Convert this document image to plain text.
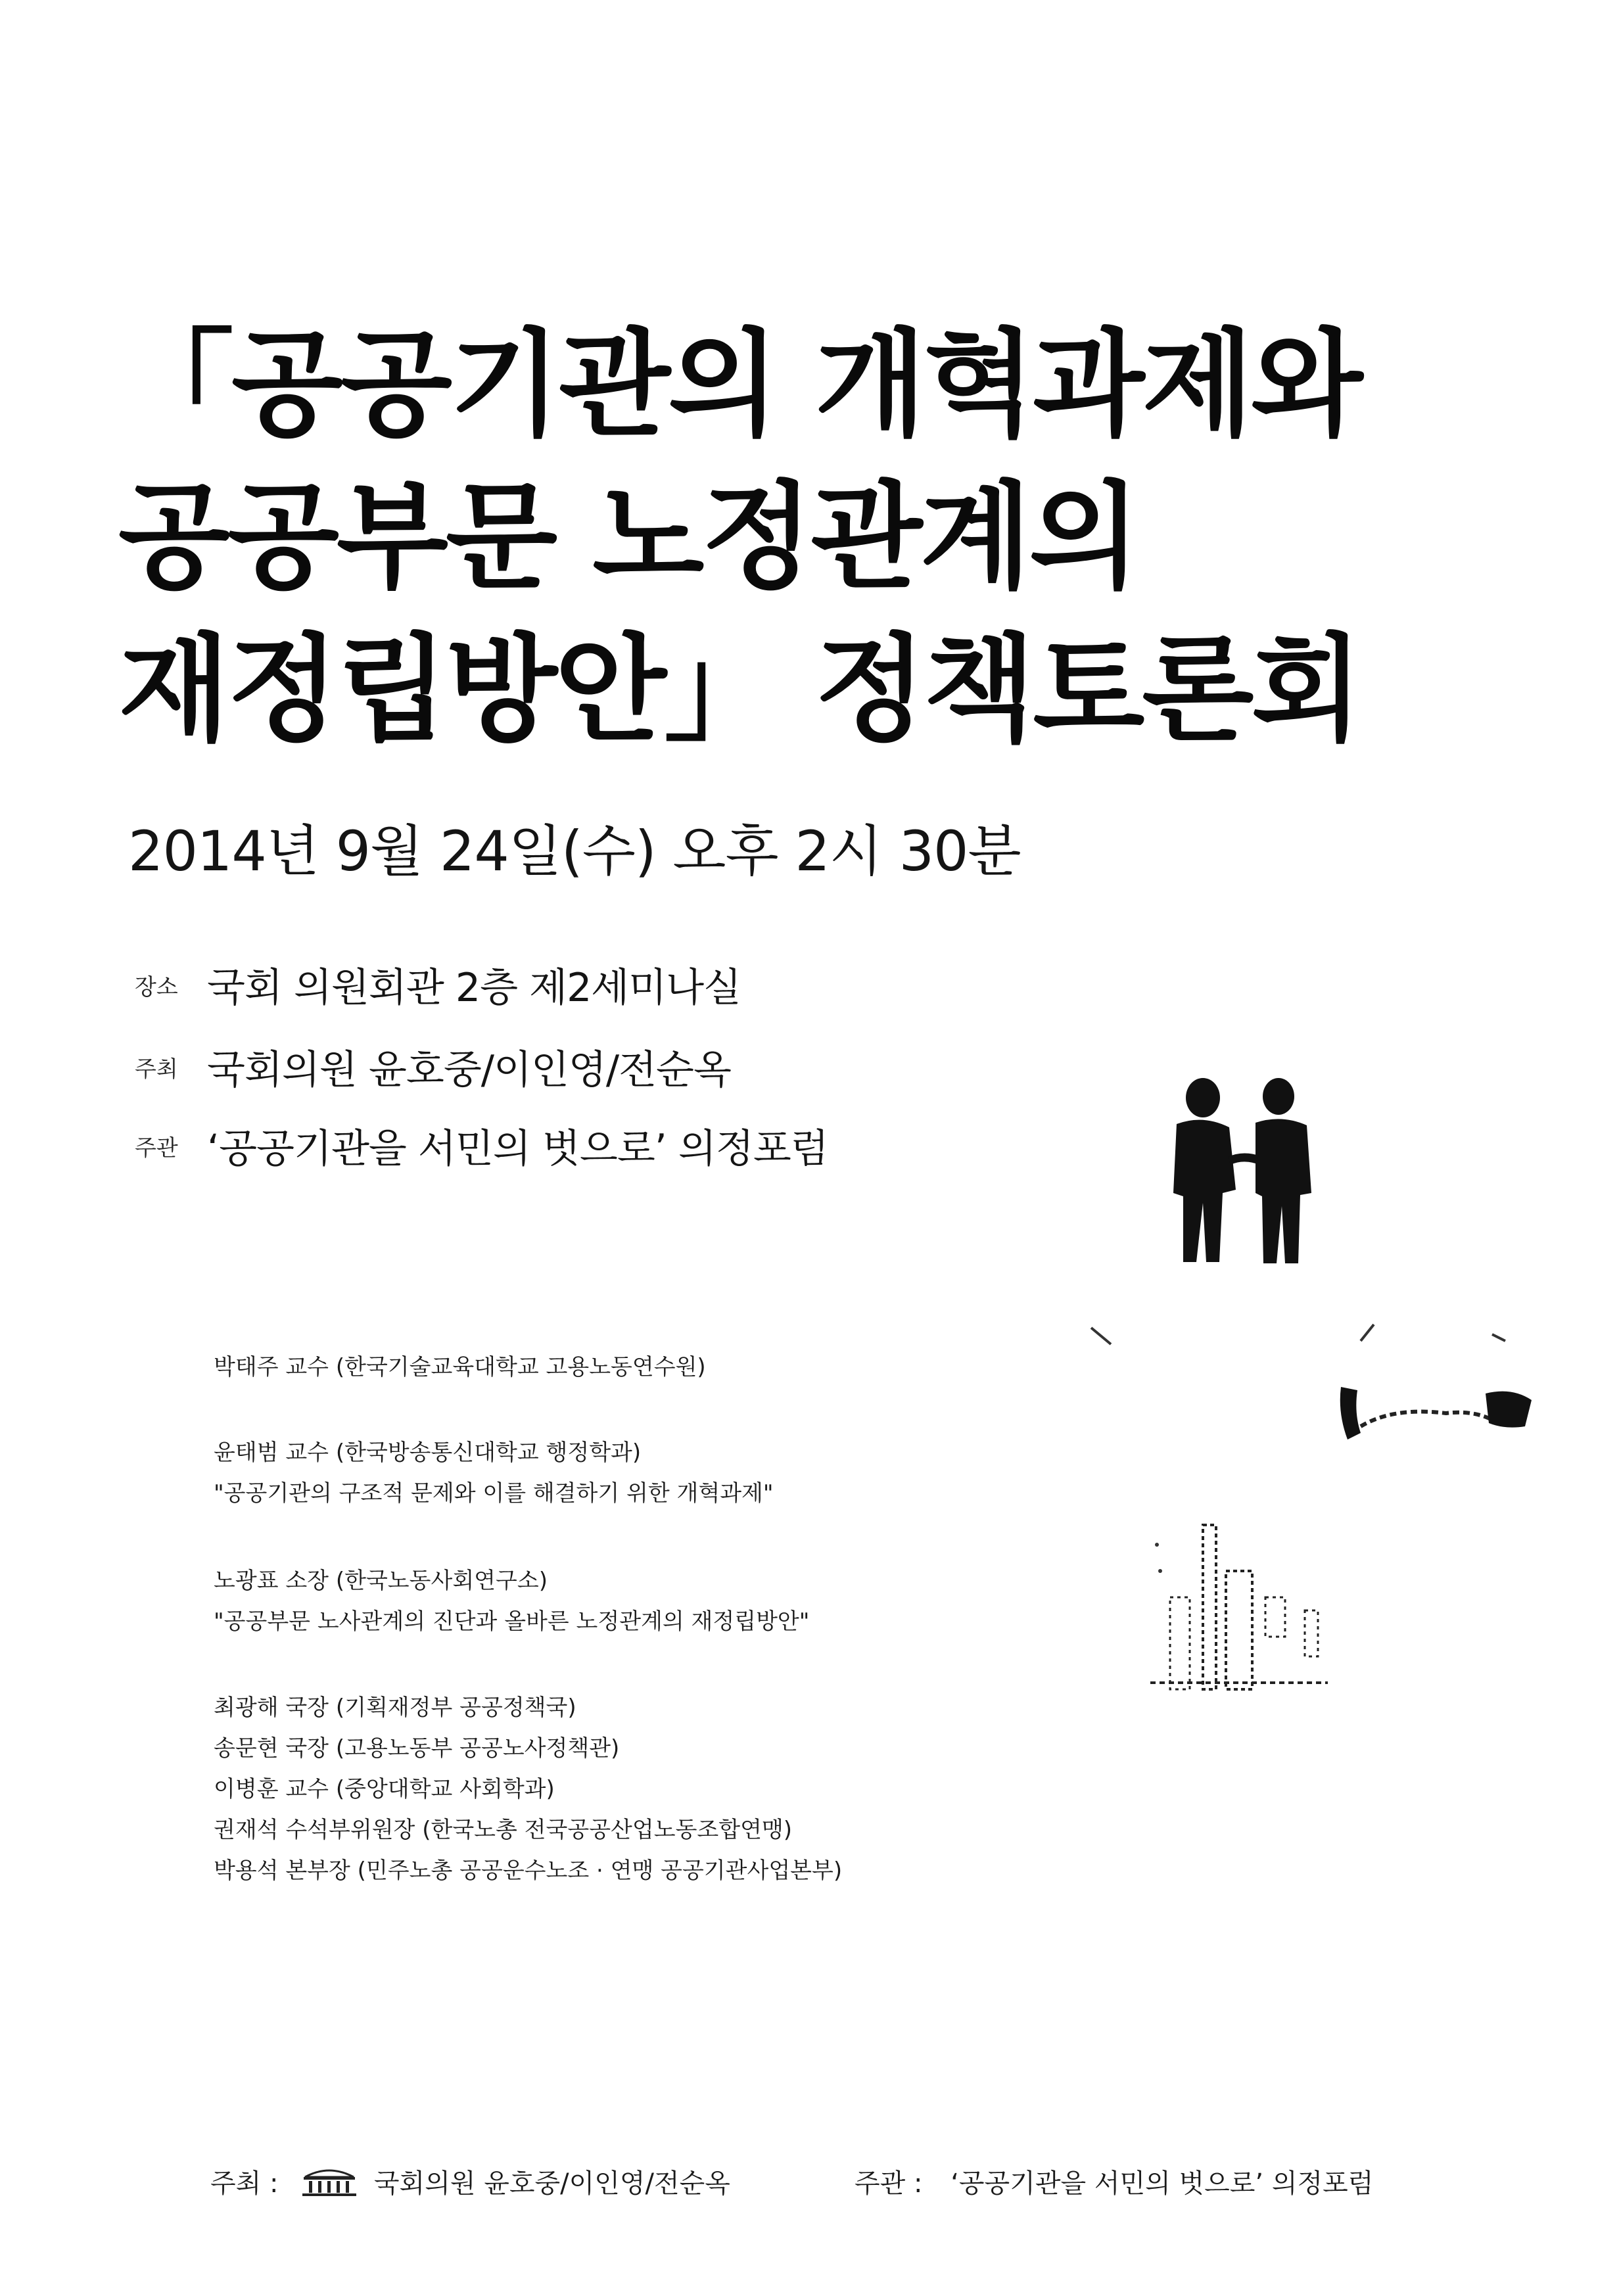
「공공기관의 개혁과제와
공공부문 노정관계의
재정립방안」 정책토론회
2014년 9월 24일(수) 오후 2시 30분
장소 국회 의원회관 2층 제2세미나실
주최 국회의원 윤호중/이인영/전순옥
주관 ‘공공기관을 서민의 벗으로’ 의정포럼
박태주 교수 (한국기술교육대학교 고용노동연수원)
윤태범 교수 (한국방송통신대학교 행정학과)
"공공기관의 구조적 문제와 이를 해결하기 위한 개혁과제"
노광표 소장 (한국노동사회연구소)
"공공부문 노사관계의 진단과 올바른 노정관계의 재정립방안"
최광해 국장 (기획재정부 공공정책국)
송문현 국장 (고용노동부 공공노사정책관)
이병훈 교수 (중앙대학교 사회학과)
권재석 수석부위원장 (한국노총 전국공공산업노동조합연맹)
박용석 본부장 (민주노총 공공운수노조 · 연맹 공공기관사업본부)
주최 :	국회의원 윤호중/이인영/전순옥	주관 : ‘공공기관을 서민의 벗으로’ 의정포럼
